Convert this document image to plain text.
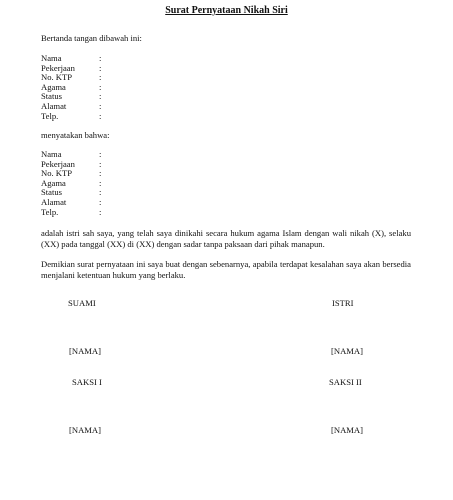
Surat Pernyataan Nikah Siri
Bertanda tangan dibawah ini:
Nama	:
Pekerjaan	:
No. KTP	:
Agama	:
Status	:
Alamat	:
Telp.	:
menyatakan bahwa:
Nama	:
Pekerjaan	:
No. KTP	:
Agama	:
Status	:
Alamat	:
Telp.	:
adalah istri sah saya, yang telah saya dinikahi secara hukum agama Islam dengan wali nikah (X), selaku (XX) pada tanggal (XX) di (XX) dengan sadar tanpa paksaan dari pihak manapun.
Demikian surat pernyataan ini saya buat dengan sebenarnya, apabila terdapat kesalahan saya akan bersedia menjalani ketentuan hukum yang berlaku.
SUAMI	ISTRI
[NAMA]	[NAMA]
SAKSI I	SAKSI II
[NAMA]	[NAMA]
